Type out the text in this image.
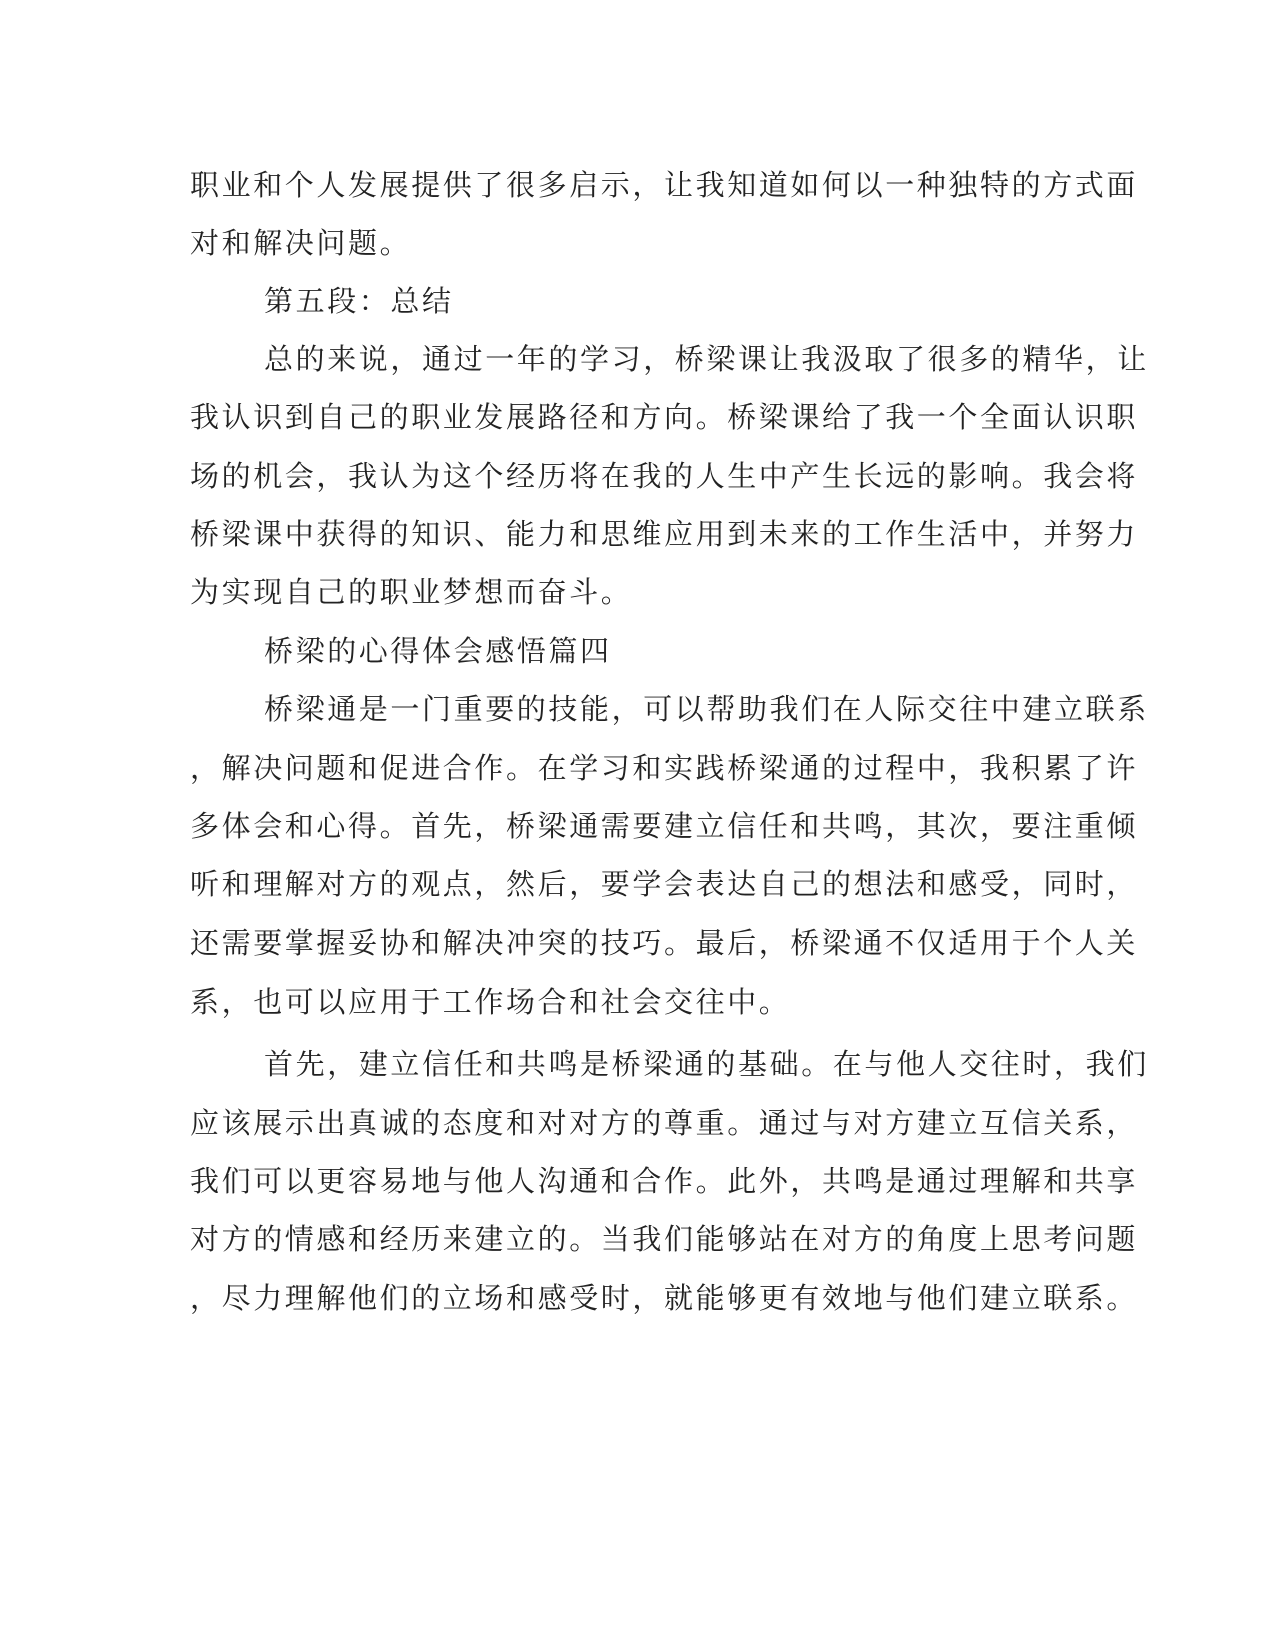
职业和个人发展提供了很多启示，让我知道如何以一种独特的方式面
对和解决问题。
第五段：总结
总的来说，通过一年的学习，桥梁课让我汲取了很多的精华，让
我认识到自己的职业发展路径和方向。桥梁课给了我一个全面认识职
场的机会，我认为这个经历将在我的人生中产生长远的影响。我会将
桥梁课中获得的知识、能力和思维应用到未来的工作生活中，并努力
为实现自己的职业梦想而奋斗。
桥梁的心得体会感悟篇四
桥梁通是一门重要的技能，可以帮助我们在人际交往中建立联系
，解决问题和促进合作。在学习和实践桥梁通的过程中，我积累了许
多体会和心得。首先，桥梁通需要建立信任和共鸣，其次，要注重倾
听和理解对方的观点，然后，要学会表达自己的想法和感受，同时，
还需要掌握妥协和解决冲突的技巧。最后，桥梁通不仅适用于个人关
系，也可以应用于工作场合和社会交往中。
首先，建立信任和共鸣是桥梁通的基础。在与他人交往时，我们
应该展示出真诚的态度和对对方的尊重。通过与对方建立互信关系，
我们可以更容易地与他人沟通和合作。此外，共鸣是通过理解和共享
对方的情感和经历来建立的。当我们能够站在对方的角度上思考问题
，尽力理解他们的立场和感受时，就能够更有效地与他们建立联系。
